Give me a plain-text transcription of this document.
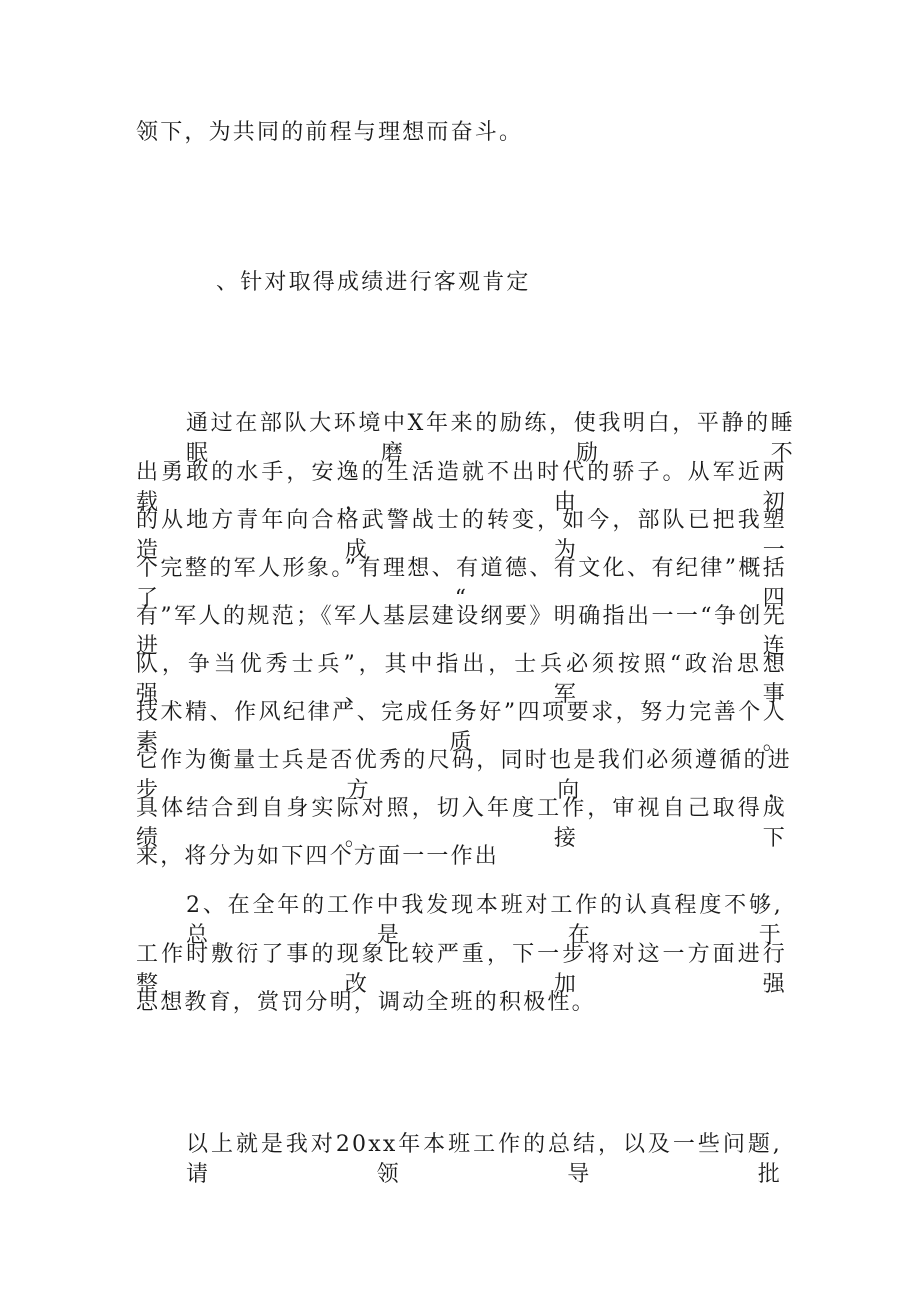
领下，为共同的前程与理想而奋斗。

、针对取得成绩进行客观肯定

通过在部队大环境中X年来的励练，使我明白，平静的睡眠磨励不

出勇敢的水手，安逸的生活造就不出时代的骄子。从军近两载，由初

的从地方青年向合格武警战士的转变，如今，部队已把我塑造成为一

个完整的军人形象。”有理想、有道德、有文化、有纪律”概括了“四

有”军人的规范；《军人基层建设纲要》明确指出一一“争创先进连

队，争当优秀士兵”，其中指出，士兵必须按照“政治思想强、军事

技术精、作风纪律严、完成任务好”四项要求，努力完善个人素质。

它作为衡量士兵是否优秀的尺码，同时也是我们必须遵循的进步方向，

具体结合到自身实际对照，切入年度工作，审视自己取得成绩。接下

来，将分为如下四个方面一一作出

2、在全年的工作中我发现本班对工作的认真程度不够,总是在于

工作时敷衍了事的现象比较严重，下一步将对这一方面进行整改加强

思想教育，赏罚分明，调动全班的积极性。

以上就是我对20xx年本班工作的总结，以及一些问题,请领导批
